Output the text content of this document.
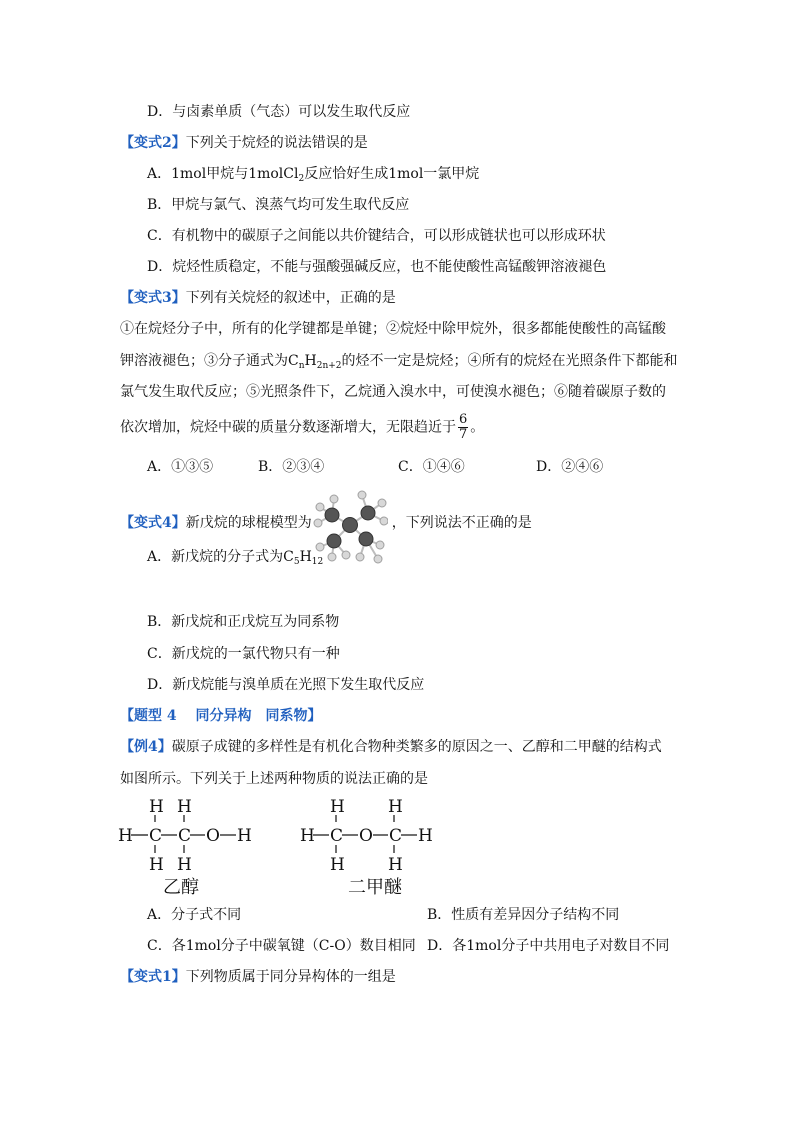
D．与卤素单质（气态）可以发生取代反应
【变式2】下列关于烷烃的说法错误的是
A．1mol甲烷与1molCl$_2$反应恰好生成1mol一氯甲烷
B．甲烷与氯气、溴蒸气均可发生取代反应
C．有机物中的碳原子之间能以共价键结合，可以形成链状也可以形成环状
D．烷烃性质稳定，不能与强酸强碱反应，也不能使酸性高锰酸钾溶液褪色
【变式3】下列有关烷烃的叙述中，正确的是
①在烷烃分子中，所有的化学键都是单键；②烷烃中除甲烷外，很多都能使酸性的高锰酸
钾溶液褪色；③分子通式为$C_nH_{2n+2}$的烃不一定是烷烃；④所有的烷烃在光照条件下都能和
氯气发生取代反应；⑤光照条件下，乙烷通入溴水中，可使溴水褪色；⑥随着碳原子数的
依次增加，烷烃中碳的质量分数逐渐增大，无限趋近于 $\frac{6}{7}$ 。
A．①③⑤	B．②③④	C．①④⑥	D．②④⑥
【变式4】新戊烷的球棍模型为	，下列说法不正确的是
A．新戊烷的分子式为$C_5H_{12}$
B．新戊烷和正戊烷互为同系物
C．新戊烷的一氯代物只有一种
D．新戊烷能与溴单质在光照下发生取代反应
【题型 4　 同分异构　同系物】
【例4】碳原子成键的多样性是有机化合物种类繁多的原因之一、乙醇和二甲醚的结构式
如图所示。下列关于上述两种物质的说法正确的是
H H
H C C O H
H H
乙醇
H	H
H C O C H
H	H
二甲醚
A．分子式不同	B．性质有差异因分子结构不同
C．各1mol分子中碳氧键（C-O）数目相同 D．各1mol分子中共用电子对数目不同
【变式1】下列物质属于同分异构体的一组是
